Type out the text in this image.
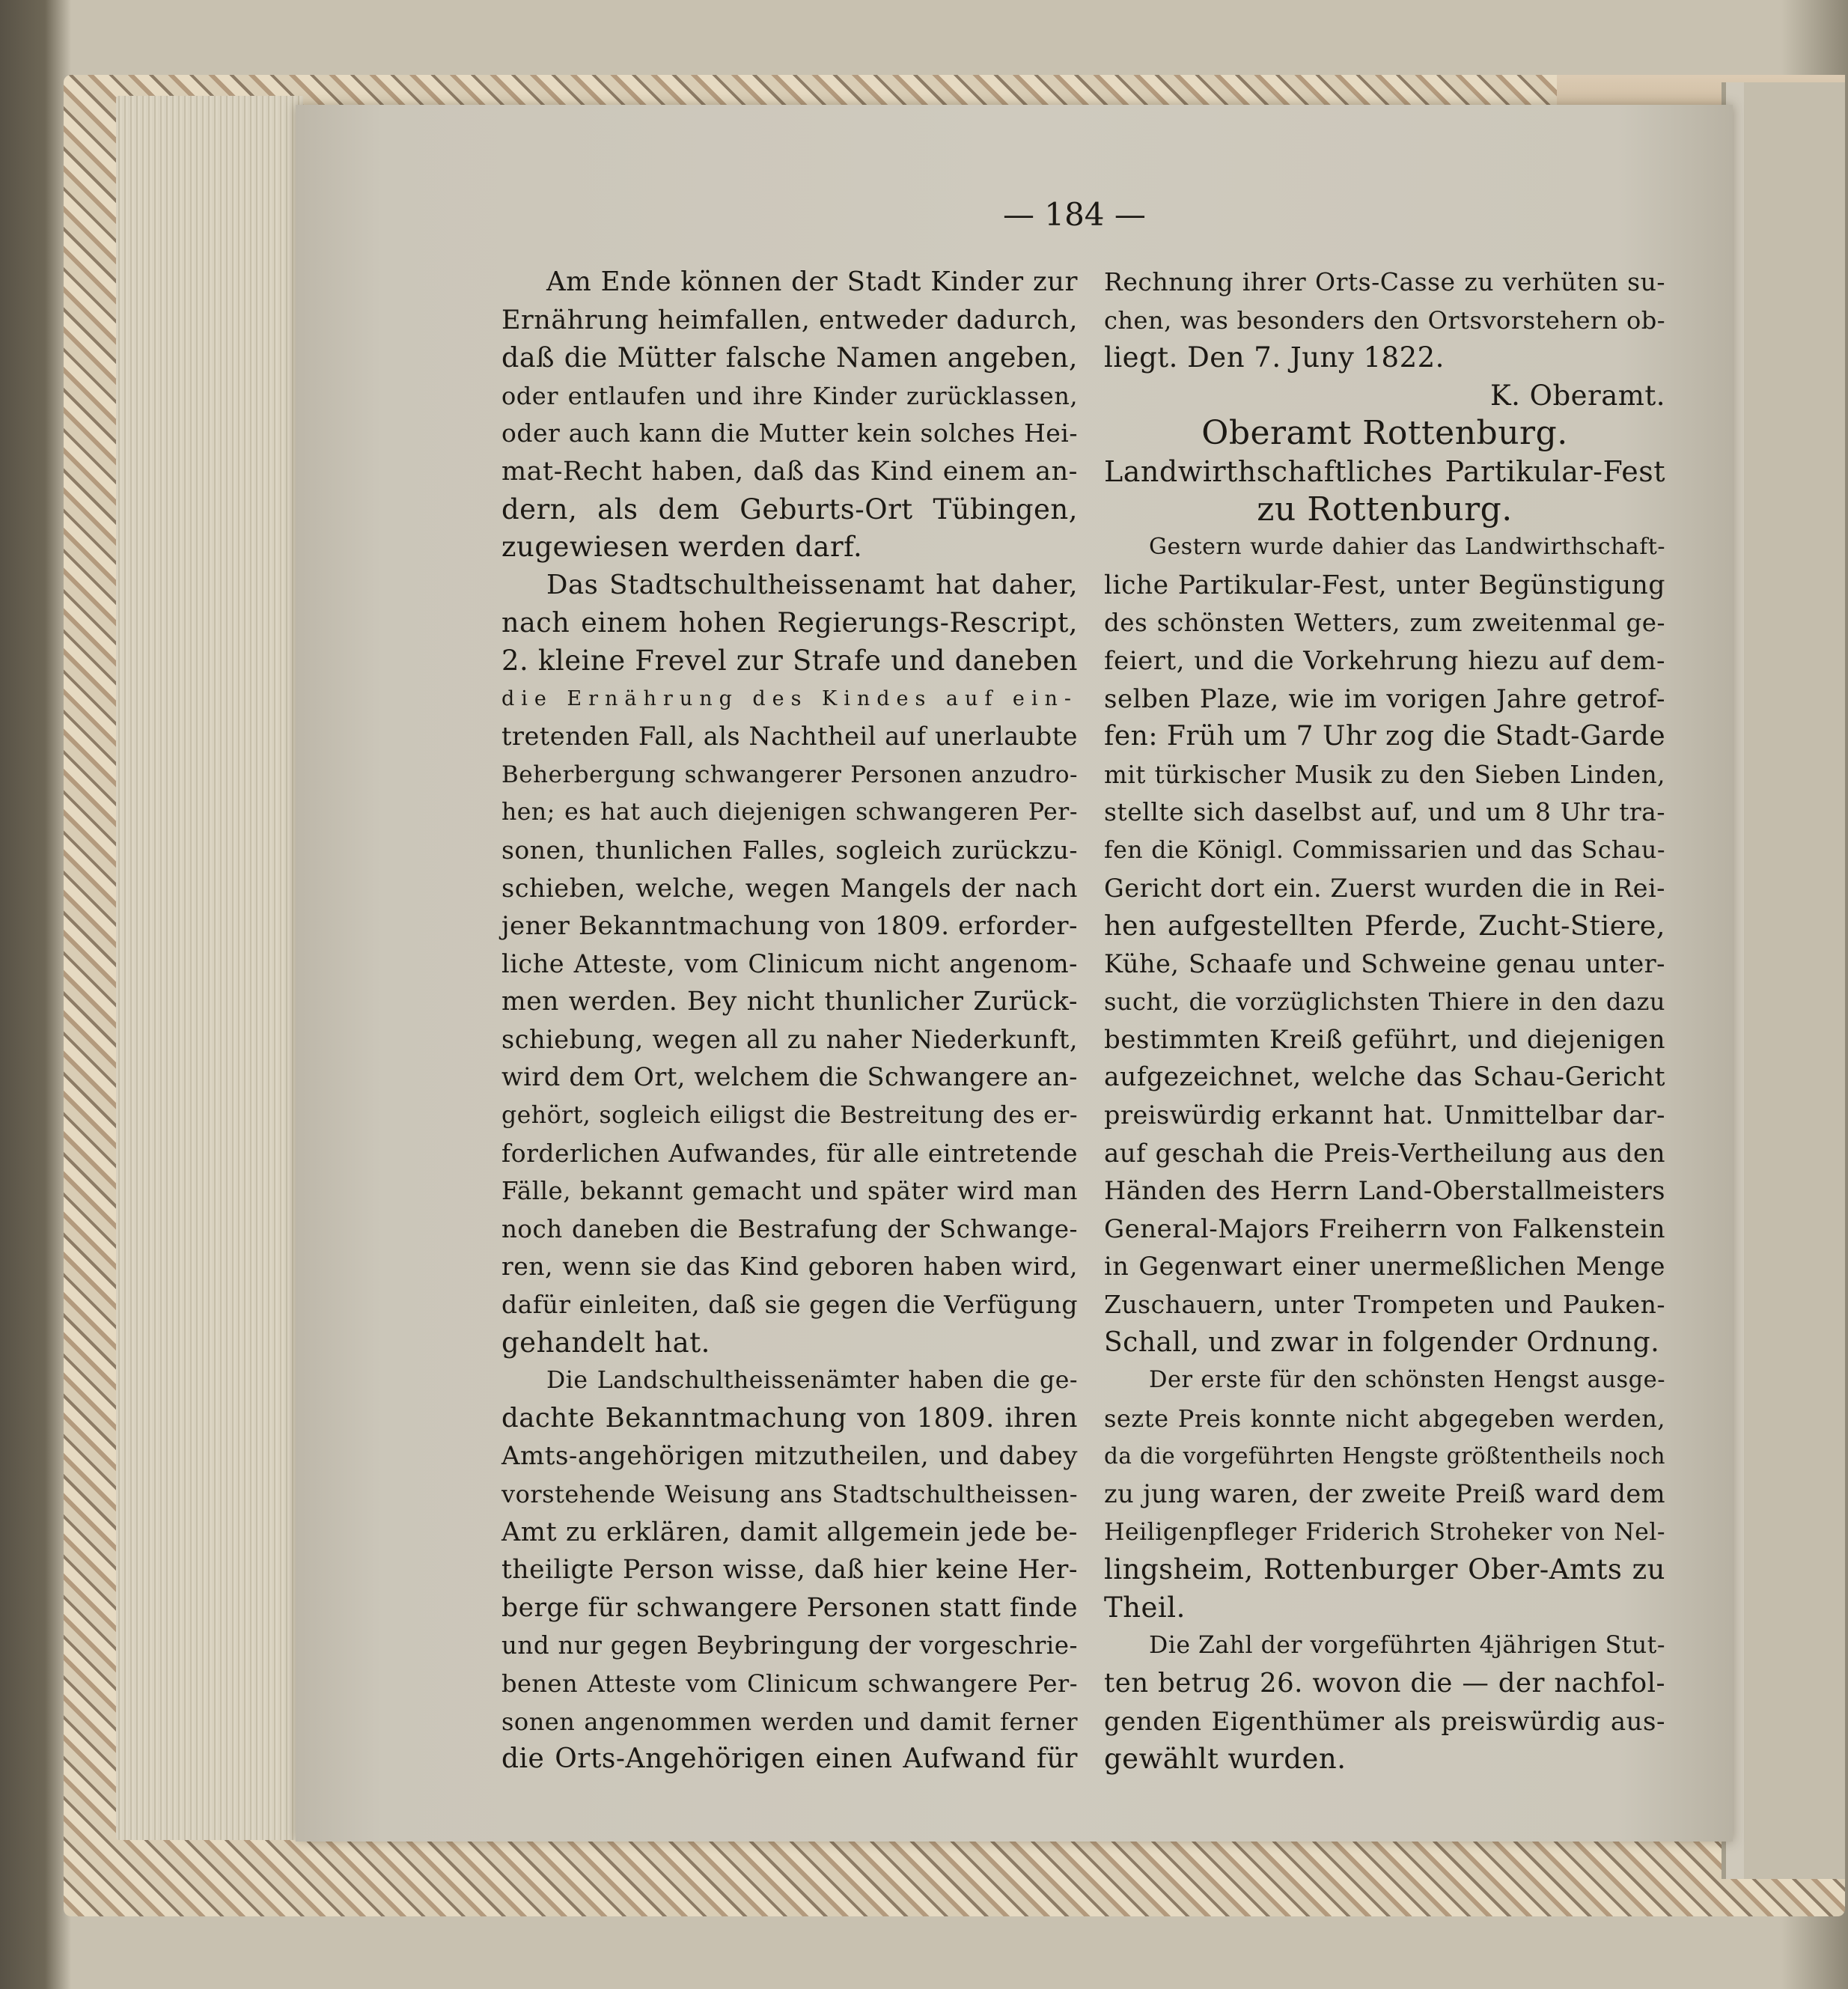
— 184 —
Am Ende können der Stadt Kinder zur
Ernährung heimfallen, entweder dadurch,
daß die Mütter falsche Namen angeben,
oder entlaufen und ihre Kinder zurücklassen,
oder auch kann die Mutter kein solches Hei-
mat-Recht haben, daß das Kind einem an-
dern, als dem Geburts-Ort Tübingen,
zugewiesen werden darf.
Das Stadtschultheissenamt hat daher,
nach einem hohen Regierungs-Rescript,
2. kleine Frevel zur Strafe und daneben
die Ernährung des Kindes auf ein-
tretenden Fall, als Nachtheil auf unerlaubte
Beherbergung schwangerer Personen anzudro-
hen; es hat auch diejenigen schwangeren Per-
sonen, thunlichen Falles, sogleich zurückzu-
schieben, welche, wegen Mangels der nach
jener Bekanntmachung von 1809. erforder-
liche Atteste, vom Clinicum nicht angenom-
men werden. Bey nicht thunlicher Zurück-
schiebung, wegen all zu naher Niederkunft,
wird dem Ort, welchem die Schwangere an-
gehört, sogleich eiligst die Bestreitung des er-
forderlichen Aufwandes, für alle eintretende
Fälle, bekannt gemacht und später wird man
noch daneben die Bestrafung der Schwange-
ren, wenn sie das Kind geboren haben wird,
dafür einleiten, daß sie gegen die Verfügung
gehandelt hat.
Die Landschultheissenämter haben die ge-
dachte Bekanntmachung von 1809. ihren
Amts-angehörigen mitzutheilen, und dabey
vorstehende Weisung ans Stadtschultheissen-
Amt zu erklären, damit allgemein jede be-
theiligte Person wisse, daß hier keine Her-
berge für schwangere Personen statt finde
und nur gegen Beybringung der vorgeschrie-
benen Atteste vom Clinicum schwangere Per-
sonen angenommen werden und damit ferner
die Orts-Angehörigen einen Aufwand für
Rechnung ihrer Orts-Casse zu verhüten su-
chen, was besonders den Ortsvorstehern ob-
liegt. Den 7. Juny 1822.
K. Oberamt.
Oberamt Rottenburg.
Landwirthschaftliches Partikular-Fest
zu Rottenburg.
Gestern wurde dahier das Landwirthschaft-
liche Partikular-Fest, unter Begünstigung
des schönsten Wetters, zum zweitenmal ge-
feiert, und die Vorkehrung hiezu auf dem-
selben Plaze, wie im vorigen Jahre getrof-
fen: Früh um 7 Uhr zog die Stadt-Garde
mit türkischer Musik zu den Sieben Linden,
stellte sich daselbst auf, und um 8 Uhr tra-
fen die Königl. Commissarien und das Schau-
Gericht dort ein. Zuerst wurden die in Rei-
hen aufgestellten Pferde, Zucht-Stiere,
Kühe, Schaafe und Schweine genau unter-
sucht, die vorzüglichsten Thiere in den dazu
bestimmten Kreiß geführt, und diejenigen
aufgezeichnet, welche das Schau-Gericht
preiswürdig erkannt hat. Unmittelbar dar-
auf geschah die Preis-Vertheilung aus den
Händen des Herrn Land-Oberstallmeisters
General-Majors Freiherrn von Falkenstein
in Gegenwart einer unermeßlichen Menge
Zuschauern, unter Trompeten und Pauken-
Schall, und zwar in folgender Ordnung.
Der erste für den schönsten Hengst ausge-
sezte Preis konnte nicht abgegeben werden,
da die vorgeführten Hengste größtentheils noch
zu jung waren, der zweite Preiß ward dem
Heiligenpfleger Friderich Stroheker von Nel-
lingsheim, Rottenburger Ober-Amts zu
Theil.
Die Zahl der vorgeführten 4jährigen Stut-
ten betrug 26. wovon die — der nachfol-
genden Eigenthümer als preiswürdig aus-
gewählt wurden.
